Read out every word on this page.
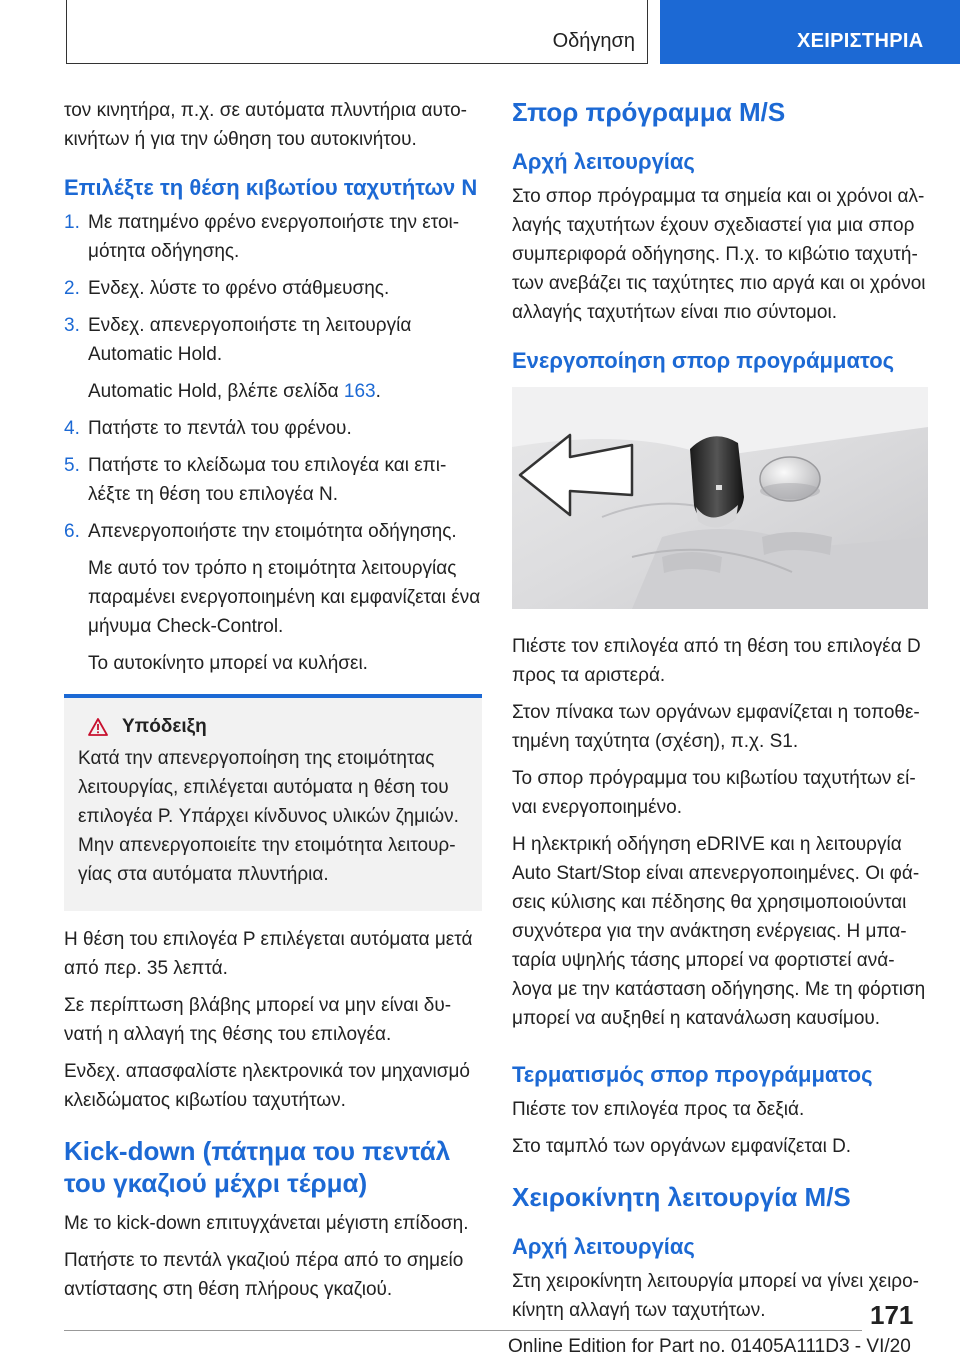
Οδήγηση	ΧΕΙΡΙΣΤΗΡΙΑ

τον κινητήρα, π.χ. σε αυτόματα πλυντήρια αυτοκινήτων ή για την ώθηση του αυτοκινήτου.

Επιλέξτε τη θέση κιβωτίου ταχυτήτων N
1. Με πατημένο φρένο ενεργοποιήστε την ετοιμότητα οδήγησης.
2. Ενδεχ. λύστε το φρένο στάθμευσης.
3. Ενδεχ. απενεργοποιήστε τη λειτουργία Automatic Hold.
Automatic Hold, βλέπε σελίδα 163.
4. Πατήστε το πεντάλ του φρένου.
5. Πατήστε το κλείδωμα του επιλογέα και επιλέξτε τη θέση του επιλογέα N.
6. Απενεργοποιήστε την ετοιμότητα οδήγησης.
Με αυτό τον τρόπο η ετοιμότητα λειτουργίας παραμένει ενεργοποιημένη και εμφανίζεται ένα μήνυμα Check-Control.
Το αυτοκίνητο μπορεί να κυλήσει.
Υπόδειξη

Κατά την απενεργοποίηση της ετοιμότητας λειτουργίας, επιλέγεται αυτόματα η θέση του επιλογέα P. Υπάρχει κίνδυνος υλικών ζημιών. Μην απενεργοποιείτε την ετοιμότητα λειτουργίας στα αυτόματα πλυντήρια.

Η θέση του επιλογέα P επιλέγεται αυτόματα μετά από περ. 35 λεπτά.

Σε περίπτωση βλάβης μπορεί να μην είναι δυνατή η αλλαγή της θέσης του επιλογέα.

Ενδεχ. απασφαλίστε ηλεκτρονικά τον μηχανισμό κλειδώματος κιβωτίου ταχυτήτων.

Kick-down (πάτημα του πεντάλ του γκαζιού μέχρι τέρμα)

Με το kick-down επιτυγχάνεται μέγιστη επίδοση.

Πατήστε το πεντάλ γκαζιού πέρα από το σημείο αντίστασης στη θέση πλήρους γκαζιού.

Σπορ πρόγραμμα M/S
Αρχή λειτουργίας

Στο σπορ πρόγραμμα τα σημεία και οι χρόνοι αλλαγής ταχυτήτων έχουν σχεδιαστεί για μια σπορ συμπεριφορά οδήγησης. Π.χ. το κιβώτιο ταχυτήτων ανεβάζει τις ταχύτητες πιο αργά και οι χρόνοι αλλαγής ταχυτήτων είναι πιο σύντομοι.

Ενεργοποίηση σπορ προγράμματος

Πιέστε τον επιλογέα από τη θέση του επιλογέα D προς τα αριστερά.

Στον πίνακα των οργάνων εμφανίζεται η τοποθετημένη ταχύτητα (σχέση), π.χ. S1.

Το σπορ πρόγραμμα του κιβωτίου ταχυτήτων είναι ενεργοποιημένο.

Η ηλεκτρική οδήγηση eDRIVE και η λειτουργία Auto Start/Stop είναι απενεργοποιημένες. Οι φάσεις κύλισης και πέδησης θα χρησιμοποιούνται συχνότερα για την ανάκτηση ενέργειας. Η μπαταρία υψηλής τάσης μπορεί να φορτιστεί ανάλογα με την κατάσταση οδήγησης. Με τη φόρτιση μπορεί να αυξηθεί η κατανάλωση καυσίμου.

Τερματισμός σπορ προγράμματος

Πιέστε τον επιλογέα προς τα δεξιά.

Στο ταμπλό των οργάνων εμφανίζεται D.

Χειροκίνητη λειτουργία M/S
Αρχή λειτουργίας

Στη χειροκίνητη λειτουργία μπορεί να γίνει χειροκίνητη αλλαγή των ταχυτήτων.	171
Online Edition for Part no. 01405A111D3 - VI/20
